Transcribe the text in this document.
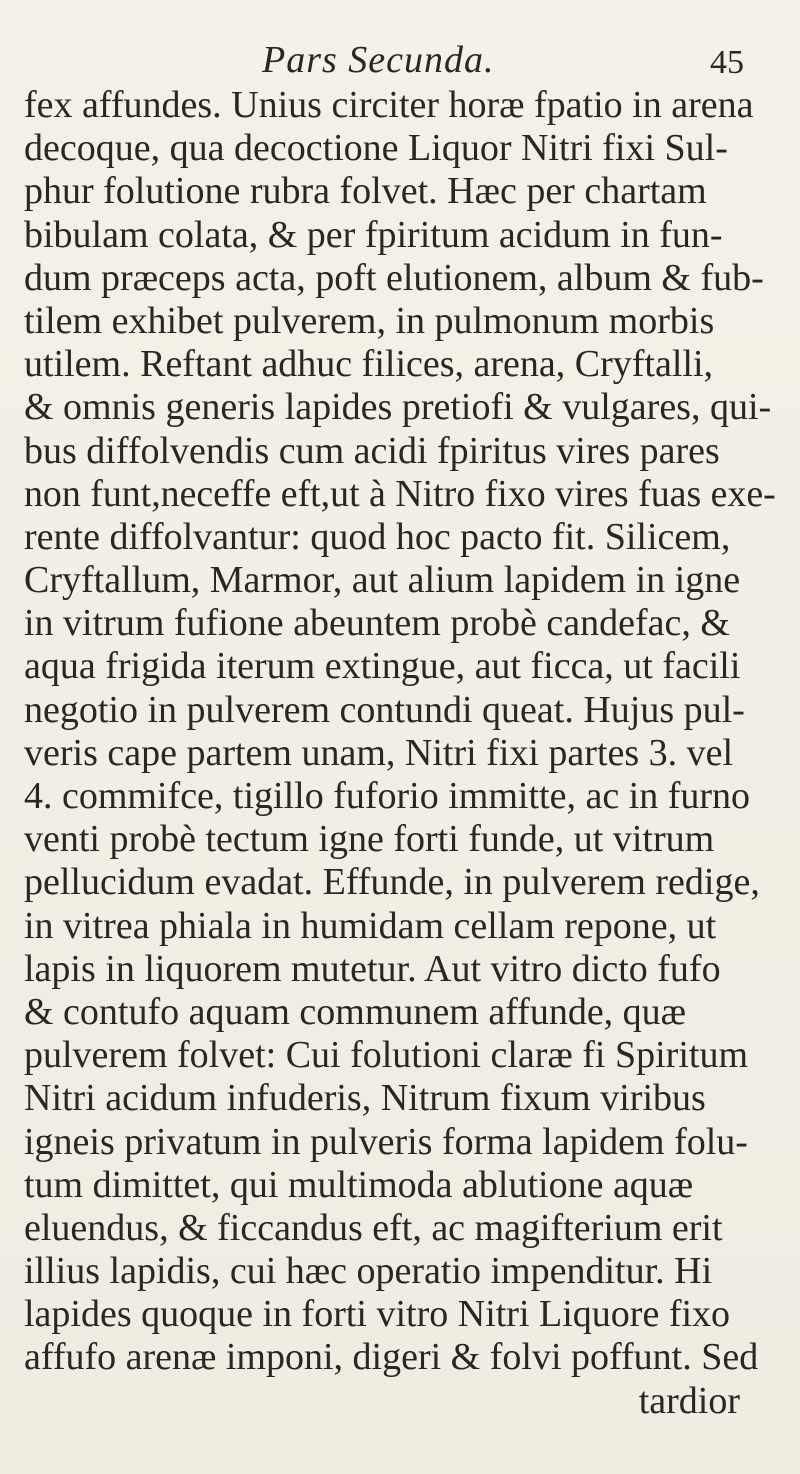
Pars Secunda.	45
fex affundes. Unius circiter horæ fpatio in arena
decoque, qua decoctione Liquor Nitri fixi Sul-
phur folutione rubra folvet. Hæc per chartam
bibulam colata, & per fpiritum acidum in fun-
dum præceps acta, poft elutionem, album & fub-
tilem exhibet pulverem, in pulmonum morbis
utilem. Reftant adhuc filices, arena, Cryftalli,
& omnis generis lapides pretiofi & vulgares, qui-
bus diffolvendis cum acidi fpiritus vires pares
non funt,neceffe eft,ut à Nitro fixo vires fuas exe-
rente diffolvantur: quod hoc pacto fit. Silicem,
Cryftallum, Marmor, aut alium lapidem in igne
in vitrum fufione abeuntem probè candefac, &
aqua frigida iterum extingue, aut ficca, ut facili
negotio in pulverem contundi queat. Hujus pul-
veris cape partem unam, Nitri fixi partes 3. vel
4. commifce, tigillo fuforio immitte, ac in furno
venti probè tectum igne forti funde, ut vitrum
pellucidum evadat. Effunde, in pulverem redige,
in vitrea phiala in humidam cellam repone, ut
lapis in liquorem mutetur. Aut vitro dicto fufo
& contufo aquam communem affunde, quæ
pulverem folvet: Cui folutioni claræ fi Spiritum
Nitri acidum infuderis, Nitrum fixum viribus
igneis privatum in pulveris forma lapidem folu-
tum dimittet, qui multimoda ablutione aquæ
eluendus, & ficcandus eft, ac magifterium erit
illius lapidis, cui hæc operatio impenditur. Hi
lapides quoque in forti vitro Nitri Liquore fixo
affufo arenæ imponi, digeri & folvi poffunt. Sed
tardior
